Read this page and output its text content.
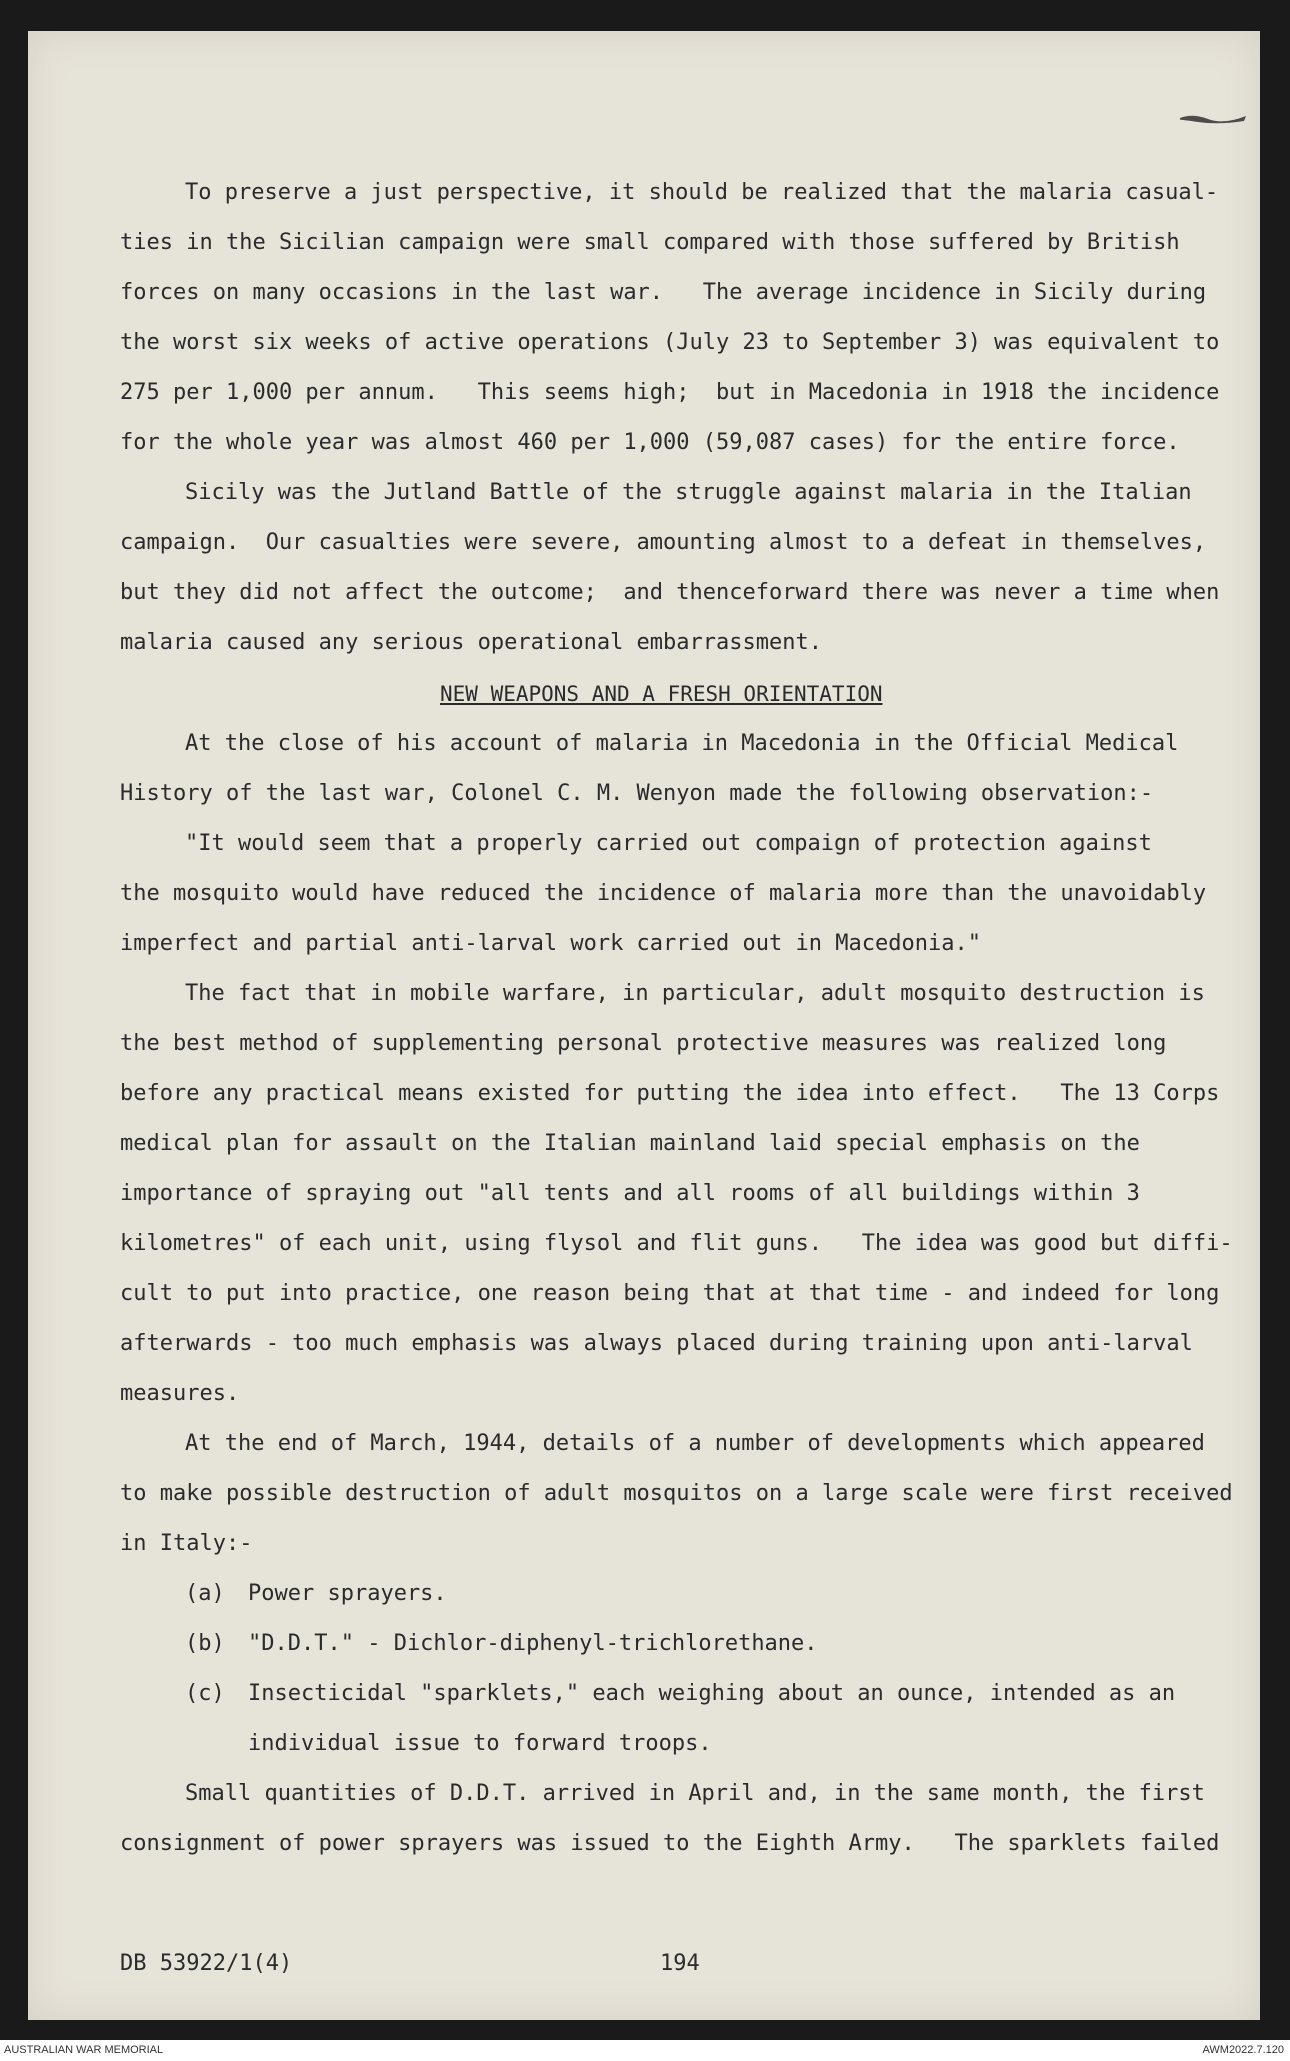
To preserve a just perspective, it should be realized that the malaria casual-
ties in the Sicilian campaign were small compared with those suffered by British
forces on many occasions in the last war.   The average incidence in Sicily during
the worst six weeks of active operations (July 23 to September 3) was equivalent to
275 per 1,000 per annum.   This seems high;  but in Macedonia in 1918 the incidence
for the whole year was almost 460 per 1,000 (59,087 cases) for the entire force.
Sicily was the Jutland Battle of the struggle against malaria in the Italian
campaign.  Our casualties were severe, amounting almost to a defeat in themselves,
but they did not affect the outcome;  and thenceforward there was never a time when
malaria caused any serious operational embarrassment.
NEW WEAPONS AND A FRESH ORIENTATION
At the close of his account of malaria in Macedonia in the Official Medical
History of the last war, Colonel C. M. Wenyon made the following observation:-
"It would seem that a properly carried out compaign of protection against
the mosquito would have reduced the incidence of malaria more than the unavoidably
imperfect and partial anti-larval work carried out in Macedonia."
The fact that in mobile warfare, in particular, adult mosquito destruction is
the best method of supplementing personal protective measures was realized long
before any practical means existed for putting the idea into effect.   The 13 Corps
medical plan for assault on the Italian mainland laid special emphasis on the
importance of spraying out "all tents and all rooms of all buildings within 3
kilometres" of each unit, using flysol and flit guns.   The idea was good but diffi-
cult to put into practice, one reason being that at that time - and indeed for long
afterwards - too much emphasis was always placed during training upon anti-larval
measures.
At the end of March, 1944, details of a number of developments which appeared
to make possible destruction of adult mosquitos on a large scale were first received
in Italy:-
(a) Power sprayers.
(b) "D.D.T." - Dichlor-diphenyl-trichlorethane.
(c) Insecticidal "sparklets," each weighing about an ounce, intended as an
individual issue to forward troops.
Small quantities of D.D.T. arrived in April and, in the same month, the first
consignment of power sprayers was issued to the Eighth Army.   The sparklets failed
DB 53922/1(4)	194
AUSTRALIAN WAR MEMORIAL	AWM2022.7.120
